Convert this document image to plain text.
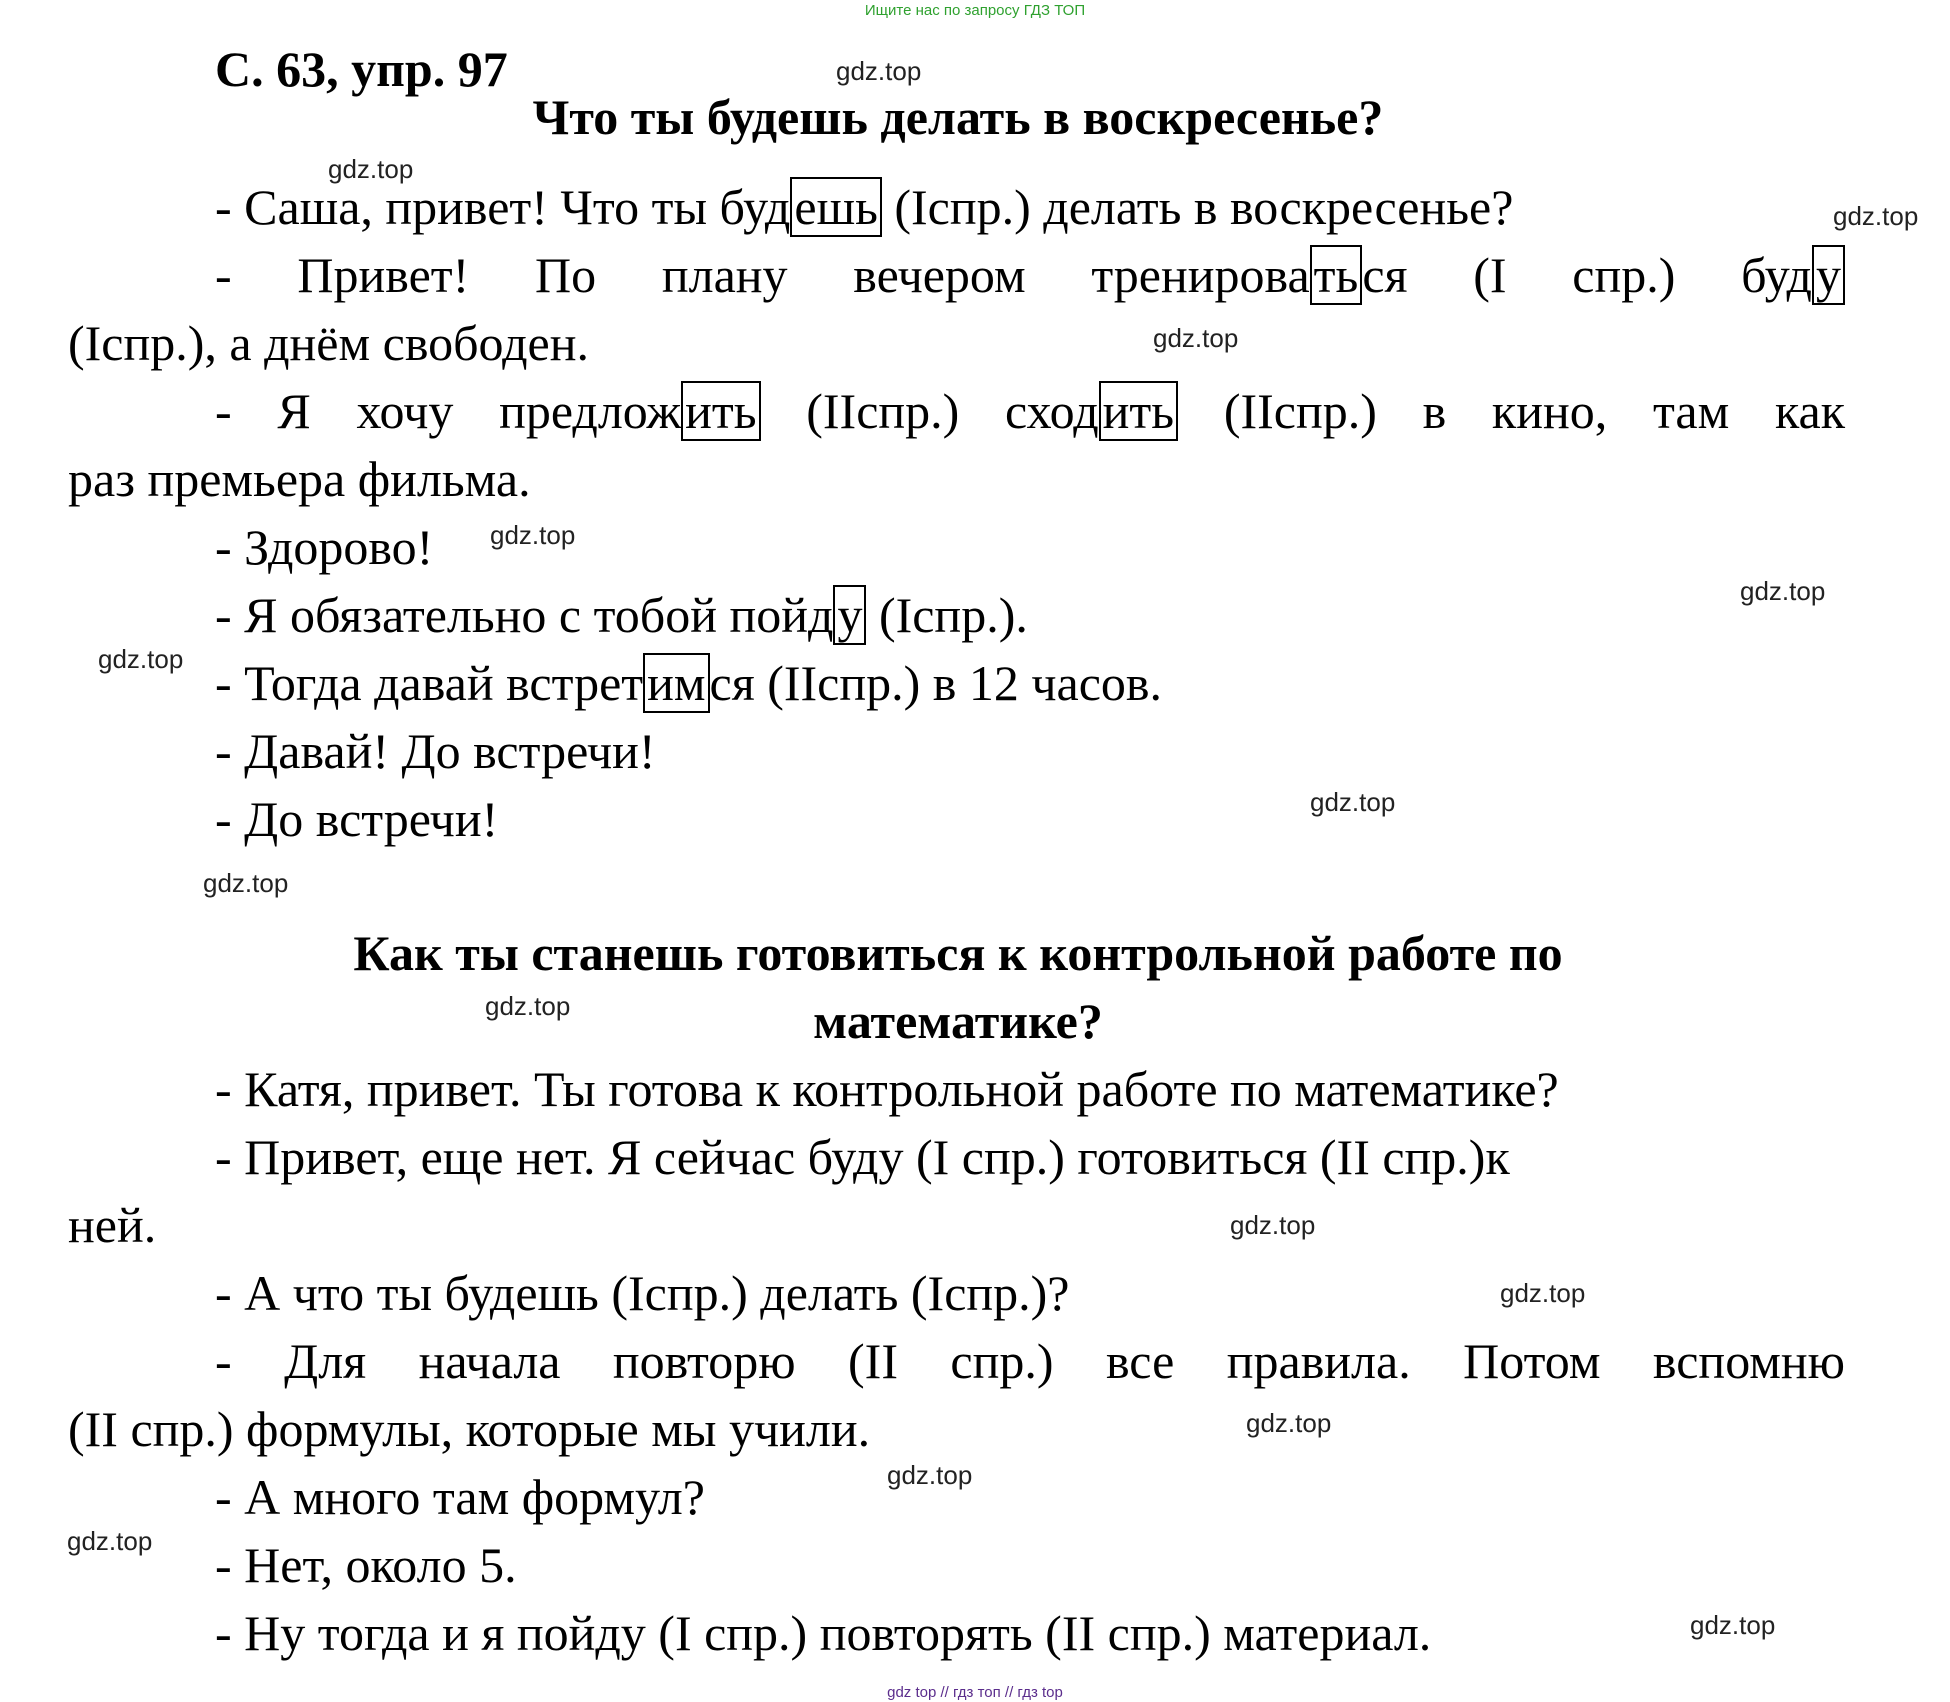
Ищите нас по запросу ГДЗ ТОП
С. 63, упр. 97
Что ты будешь делать в воскресенье?
- Саша, привет! Что ты будешь (Iспр.) делать в воскресенье?
- Привет! По плану вечером тренироваться (I спр.) буду
(Iспр.), а днём свободен.
- Я хочу предложить (IIспр.) сходить (IIспр.) в кино, там как
раз премьера фильма.
- Здорово!
- Я обязательно с тобой пойду (Iспр.).
- Тогда давай встретимся (IIспр.) в 12 часов.
- Давай! До встречи!
- До встречи!
Как ты станешь готовиться к контрольной работе по
математике?
- Катя, привет. Ты готова к контрольной работе по математике?
- Привет, еще нет. Я сейчас буду (I спр.) готовиться (II спр.)к
ней.
- А что ты будешь (Iспр.) делать (Iспр.)?
- Для начала повторю (II спр.) все правила. Потом вспомню
(II спр.) формулы, которые мы учили.
- А много там формул?
- Нет, около 5.
- Ну тогда и я пойду (I спр.) повторять (II спр.) материал.
gdz.top
gdz.top
gdz.top
gdz.top
gdz.top
gdz.top
gdz.top
gdz.top
gdz.top
gdz.top
gdz.top
gdz.top
gdz.top
gdz.top
gdz.top
gdz.top
gdz top // гдз топ // гдз top
